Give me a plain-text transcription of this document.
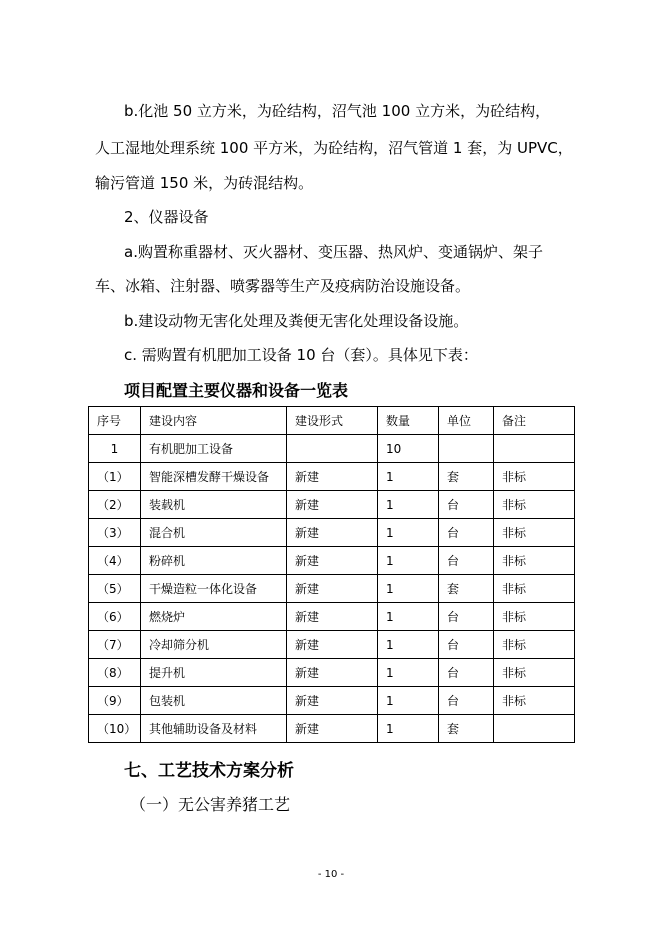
b.化池 50 立方米，为砼结构，沼气池 100 立方米，为砼结构，
人工湿地处理系统 100 平方米，为砼结构，沼气管道 1 套，为 UPVC，
输污管道 150 米，为砖混结构。
2、仪器设备
a.购置称重器材、灭火器材、变压器、热风炉、变通锅炉、架子
车、冰箱、注射器、喷雾器等生产及疫病防治设施设备。
b.建设动物无害化处理及粪便无害化处理设备设施。
c. 需购置有机肥加工设备 10 台（套）。具体见下表：
项目配置主要仪器和设备一览表
序号	建设内容	建设形式	数量	单位	备注
1	有机肥加工设备		10		
（1）	智能深槽发酵干燥设备	新建	1	套	非标
（2）	装载机	新建	1	台	非标
（3）	混合机	新建	1	台	非标
（4）	粉碎机	新建	1	台	非标
（5）	干燥造粒一体化设备	新建	1	套	非标
（6）	燃烧炉	新建	1	台	非标
（7）	冷却筛分机	新建	1	台	非标
（8）	提升机	新建	1	台	非标
（9）	包装机	新建	1	台	非标
（10）	其他辅助设备及材料	新建	1	套	
七、工艺技术方案分析
（一）无公害养猪工艺
- 10 -
